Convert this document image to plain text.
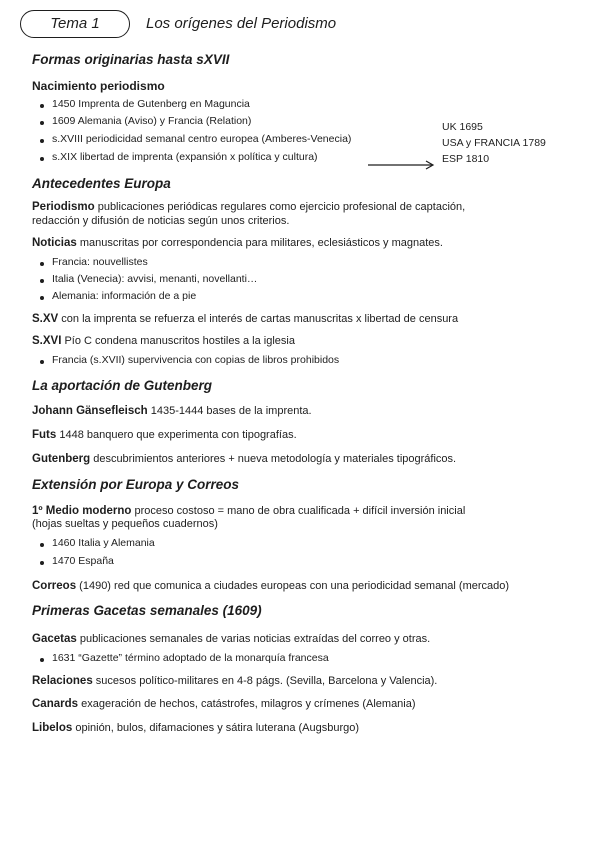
Tema 1	Los orígenes del Periodismo
Formas originarias hasta sXVII
Nacimiento periodismo
1450 Imprenta de Gutenberg en Maguncia
1609 Alemania (Aviso) y Francia (Relation)
s.XVIII periodicidad semanal centro europea (Amberes-Venecia)
s.XIX libertad de imprenta (expansión x política y cultura)
UK 1695
USA y FRANCIA 1789
ESP 1810
Antecedentes Europa
Periodismo publicaciones periódicas regulares como ejercicio profesional de captación,
redacción y difusión de noticias según unos criterios.
Noticias manuscritas por correspondencia para militares, eclesiásticos y magnates.
Francia: nouvellistes
Italia (Venecia): avvisi, menanti, novellanti…
Alemania: información de a pie
S.XV con la imprenta se refuerza el interés de cartas manuscritas x libertad de censura
S.XVI Pío C condena manuscritos hostiles a la iglesia
Francia (s.XVII) supervivencia con copias de libros prohibidos
La aportación de Gutenberg
Johann Gänsefleisch 1435-1444 bases de la imprenta.
Futs 1448 banquero que experimenta con tipografías.
Gutenberg descubrimientos anteriores + nueva metodología y materiales tipográficos.
Extensión por Europa y Correos
1º Medio moderno proceso costoso = mano de obra cualificada + difícil inversión inicial
(hojas sueltas y pequeños cuadernos)
1460 Italia y Alemania
1470 España
Correos (1490) red que comunica a ciudades europeas con una periodicidad semanal (mercado)
Primeras Gacetas semanales (1609)
Gacetas publicaciones semanales de varias noticias extraídas del correo y otras.
1631 “Gazette” término adoptado de la monarquía francesa
Relaciones sucesos político-militares en 4-8 págs. (Sevilla, Barcelona y Valencia).
Canards exageración de hechos, catástrofes, milagros y crímenes (Alemania)
Libelos opinión, bulos, difamaciones y sátira luterana (Augsburgo)
